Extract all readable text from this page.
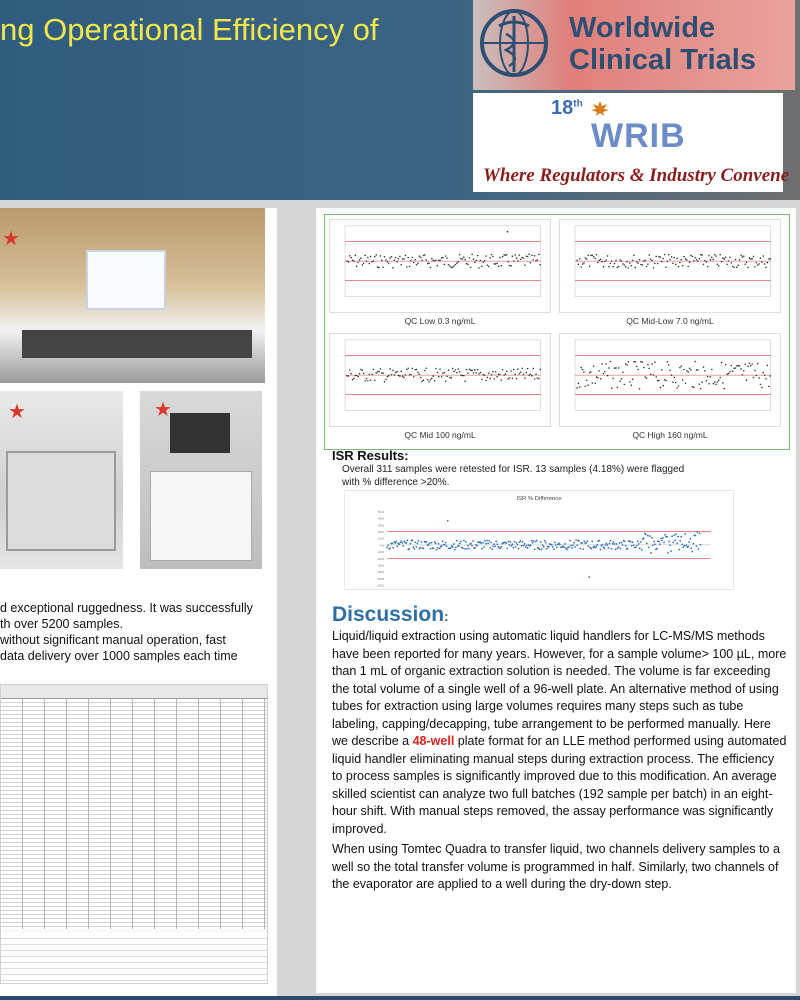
ng Operational Efficiency of	Worldwide
Clinical Trials
18th
WRIB
Where Regulators & Industry Convene
★
★	★

d exceptional ruggedness. It was successfully

th over 5200 samples.

without significant manual operation, fast

data delivery over 1000 samples each time

QC Low 0.3 ng/mL	QC Mid-Low 7.0 ng/mL
QC Mid 100 ng/mL	QC High 160 ng/mL
ISR Results:
Overall 311 samples were retested for ISR. 13 samples (4.18%) were flagged
with % difference >20%.
ISR % Difference
50.0
40.0
30.0
20.0
10.0
0.0
-10.0
-20.0
-30.0
-40.0
-50.0
-60.0
Discussion:

Liquid/liquid extraction using automatic liquid handlers for LC-MS/MS methods have been reported for many years. However, for a sample volume> 100 µL, more than 1 mL of organic extraction solution is needed. The volume is far exceeding the total volume of a single well of a 96-well plate. An alternative method of using tubes for extraction using large volumes requires many steps such as tube labeling, capping/decapping, tube arrangement to be performed manually. Here we describe a 48-well plate format for an LLE method performed using automated liquid handler eliminating manual steps during extraction process. The efficiency to process samples is significantly improved due to this modification. An average skilled scientist can analyze two full batches (192 sample per batch) in an eight-hour shift. With manual steps removed, the assay performance was significantly improved.

When using Tomtec Quadra to transfer liquid, two channels delivery samples to a well so the total transfer volume is programmed in half. Similarly, two channels of the evaporator are applied to a well during the dry-down step.
